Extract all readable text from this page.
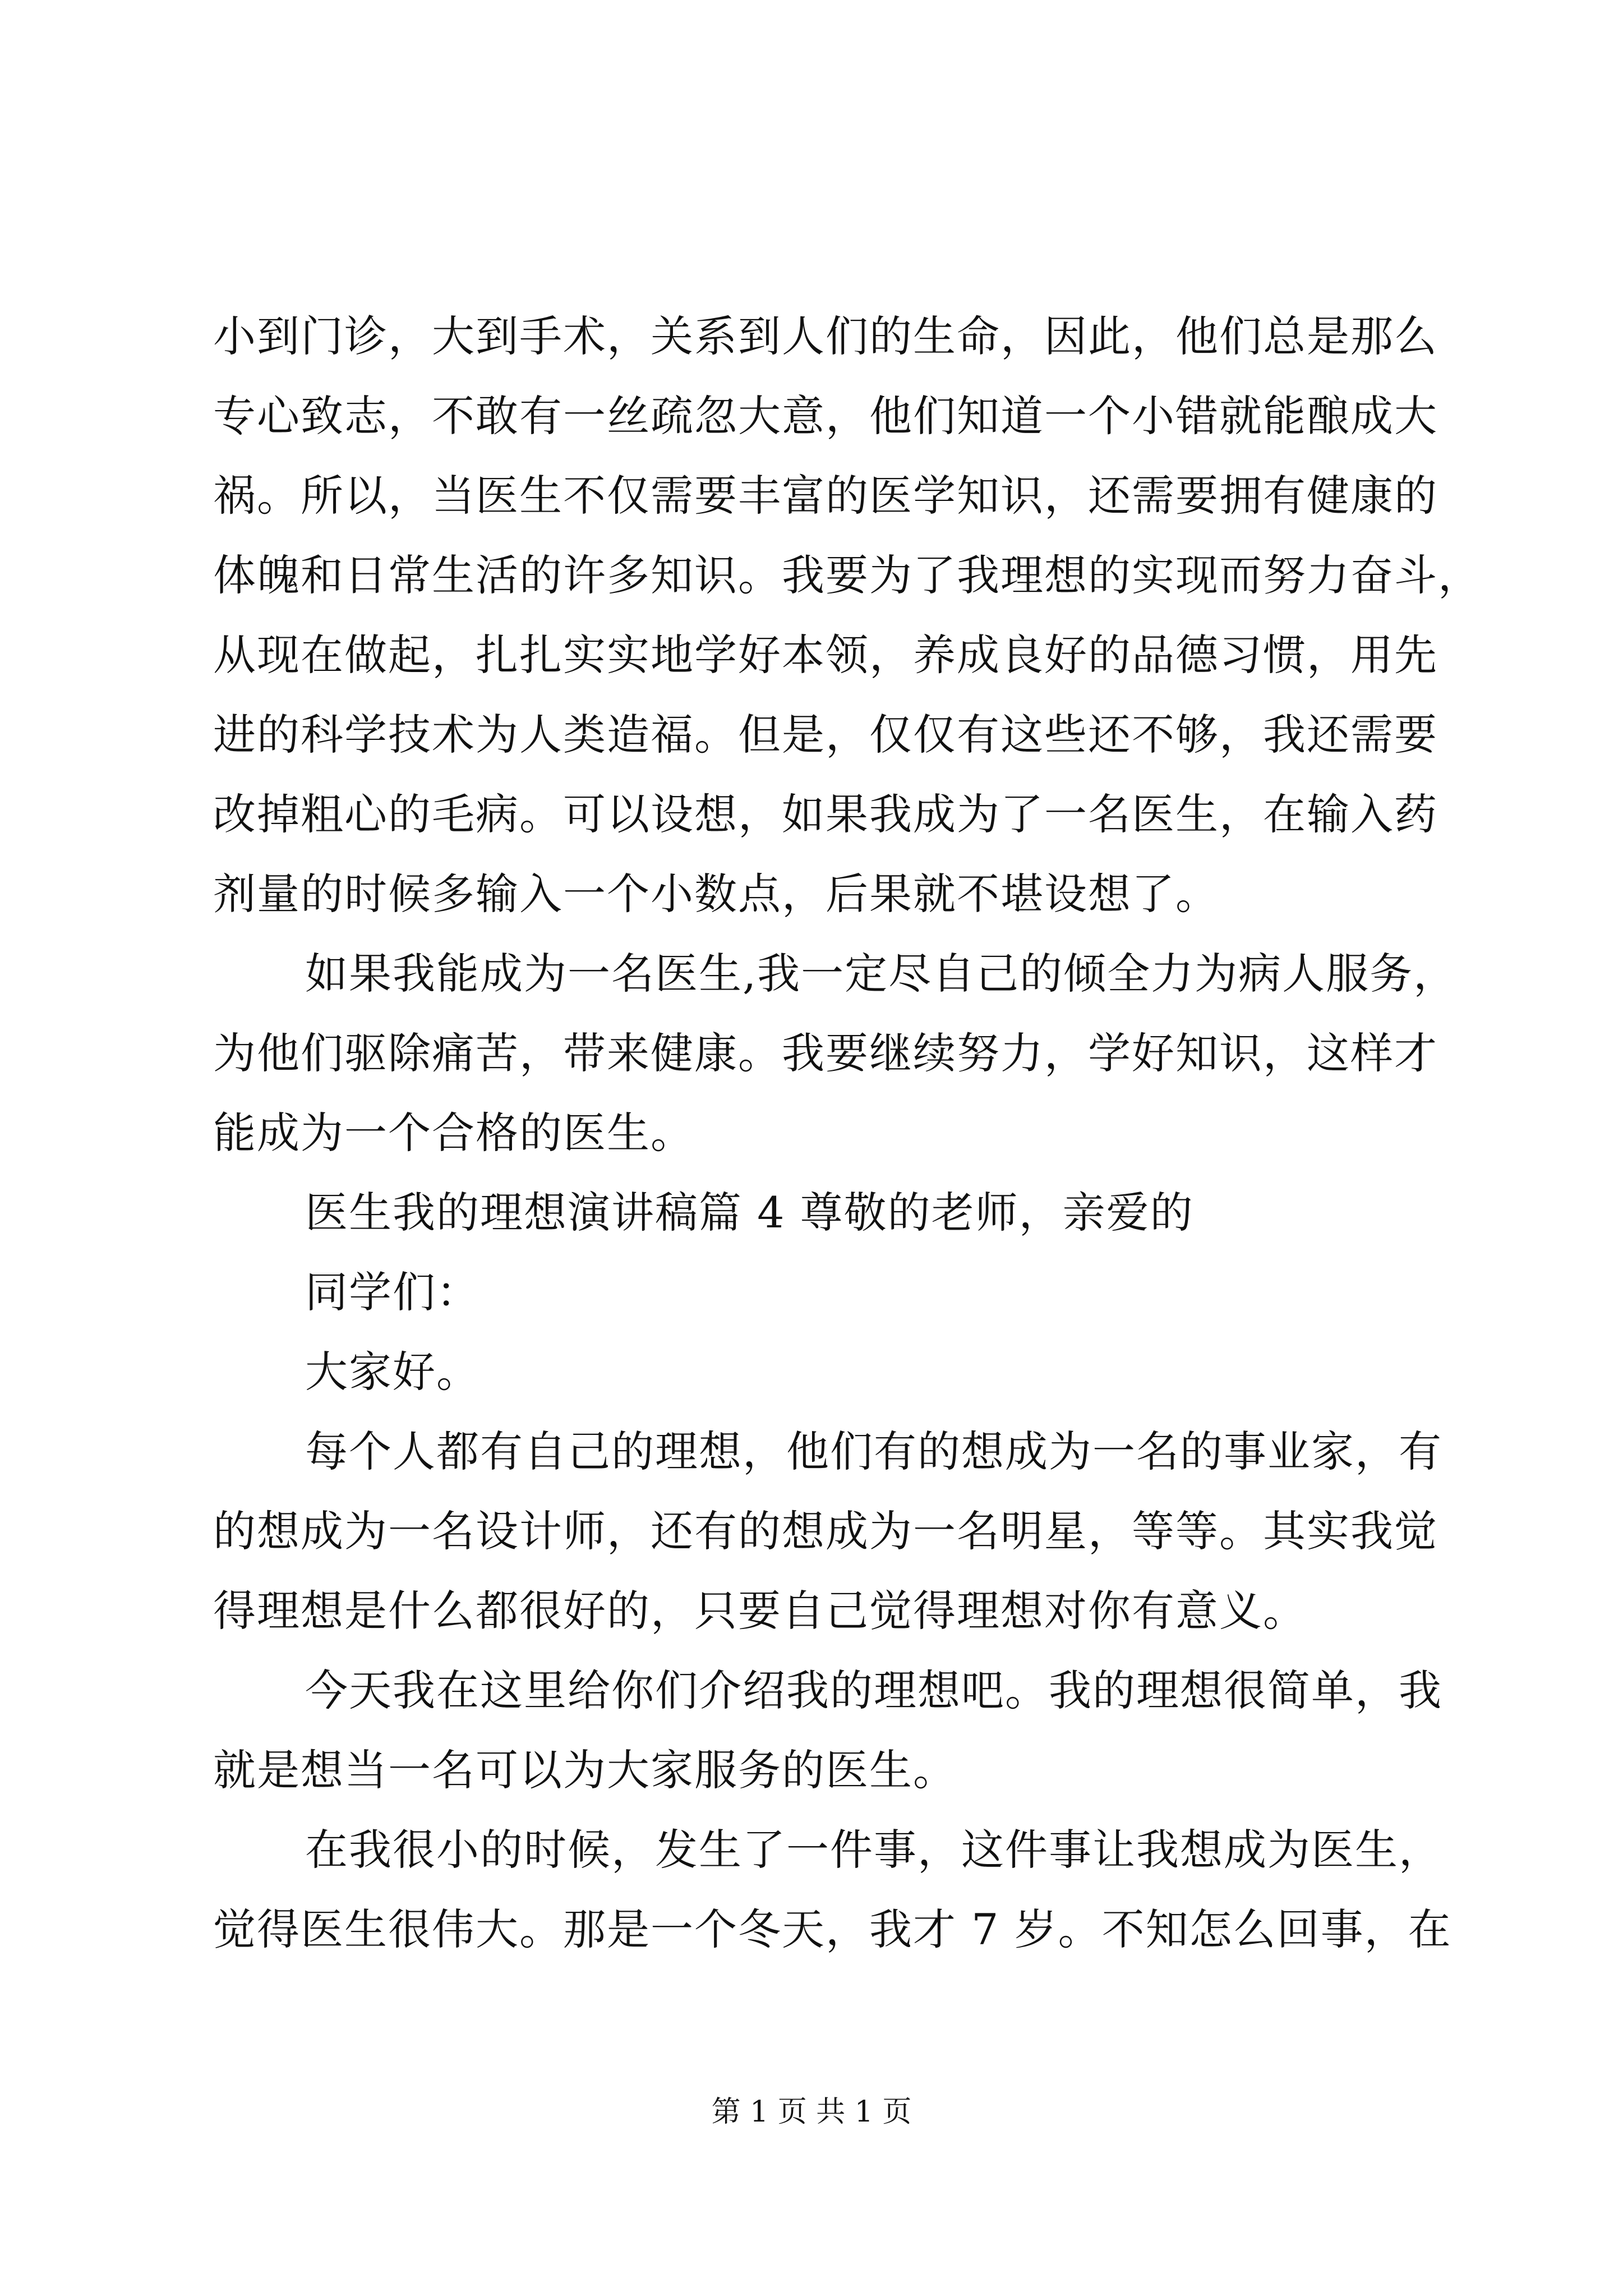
小到门诊，大到手术，关系到人们的生命，因此，他们总是那么
专心致志，不敢有一丝疏忽大意，他们知道一个小错就能酿成大
祸。所以，当医生不仅需要丰富的医学知识，还需要拥有健康的
体魄和日常生活的许多知识。我要为了我理想的实现而努力奋斗，
从现在做起，扎扎实实地学好本领，养成良好的品德习惯，用先
进的科学技术为人类造福。但是，仅仅有这些还不够，我还需要
改掉粗心的毛病。可以设想，如果我成为了一名医生，在输入药
剂量的时候多输入一个小数点，后果就不堪设想了。
如果我能成为一名医生,我一定尽自己的倾全力为病人服务，
为他们驱除痛苦，带来健康。我要继续努力，学好知识，这样才
能成为一个合格的医生。
医生我的理想演讲稿篇 4 尊敬的老师，亲爱的
同学们：
大家好。
每个人都有自己的理想，他们有的想成为一名的事业家，有
的想成为一名设计师，还有的想成为一名明星，等等。其实我觉
得理想是什么都很好的，只要自己觉得理想对你有意义。
今天我在这里给你们介绍我的理想吧。我的理想很简单，我
就是想当一名可以为大家服务的医生。
在我很小的时候，发生了一件事，这件事让我想成为医生，
觉得医生很伟大。那是一个冬天，我才 7 岁。不知怎么回事，在
第 1 页 共 1 页
